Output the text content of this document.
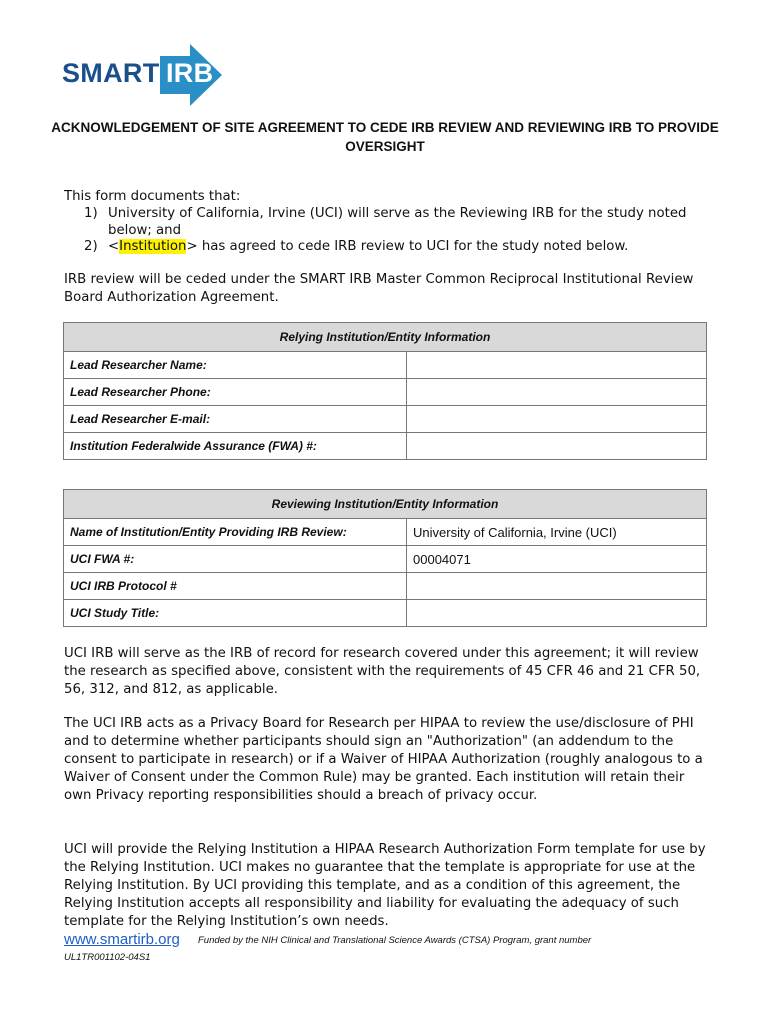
SMART IRB
ACKNOWLEDGEMENT OF SITE AGREEMENT TO CEDE IRB REVIEW AND REVIEWING IRB TO PROVIDE OVERSIGHT

This form documents that:

1) University of California, Irvine (UCI) will serve as the Reviewing IRB for the study noted below; and
2) <Institution> has agreed to cede IRB review to UCI for the study noted below.

IRB review will be ceded under the SMART IRB Master Common Reciprocal Institutional Review Board Authorization Agreement.

Relying Institution/Entity Information	
Lead Researcher Name:	
Lead Researcher Phone:	
Lead Researcher E-mail:	
Institution Federalwide Assurance (FWA) #:	
Reviewing Institution/Entity Information	
Name of Institution/Entity Providing IRB Review:	University of California, Irvine (UCI)
UCI FWA #:	00004071
UCI IRB Protocol #	
UCI Study Title:	

UCI IRB will serve as the IRB of record for research covered under this agreement; it will review the research as specified above, consistent with the requirements of 45 CFR 46 and 21 CFR 50, 56, 312, and 812, as applicable.

The UCI IRB acts as a Privacy Board for Research per HIPAA to review the use/disclosure of PHI and to determine whether participants should sign an "Authorization" (an addendum to the consent to participate in research) or if a Waiver of HIPAA Authorization (roughly analogous to a Waiver of Consent under the Common Rule) may be granted. Each institution will retain their own Privacy reporting responsibilities should a breach of privacy occur.

UCI will provide the Relying Institution a HIPAA Research Authorization Form template for use by the Relying Institution. UCI makes no guarantee that the template is appropriate for use at the Relying Institution. By UCI providing this template, and as a condition of this agreement, the Relying Institution accepts all responsibility and liability for evaluating the adequacy of such template for the Relying Institution’s own needs.

www.smartirb.org Funded by the NIH Clinical and Translational Science Awards (CTSA) Program, grant number
UL1TR001102-04S1
